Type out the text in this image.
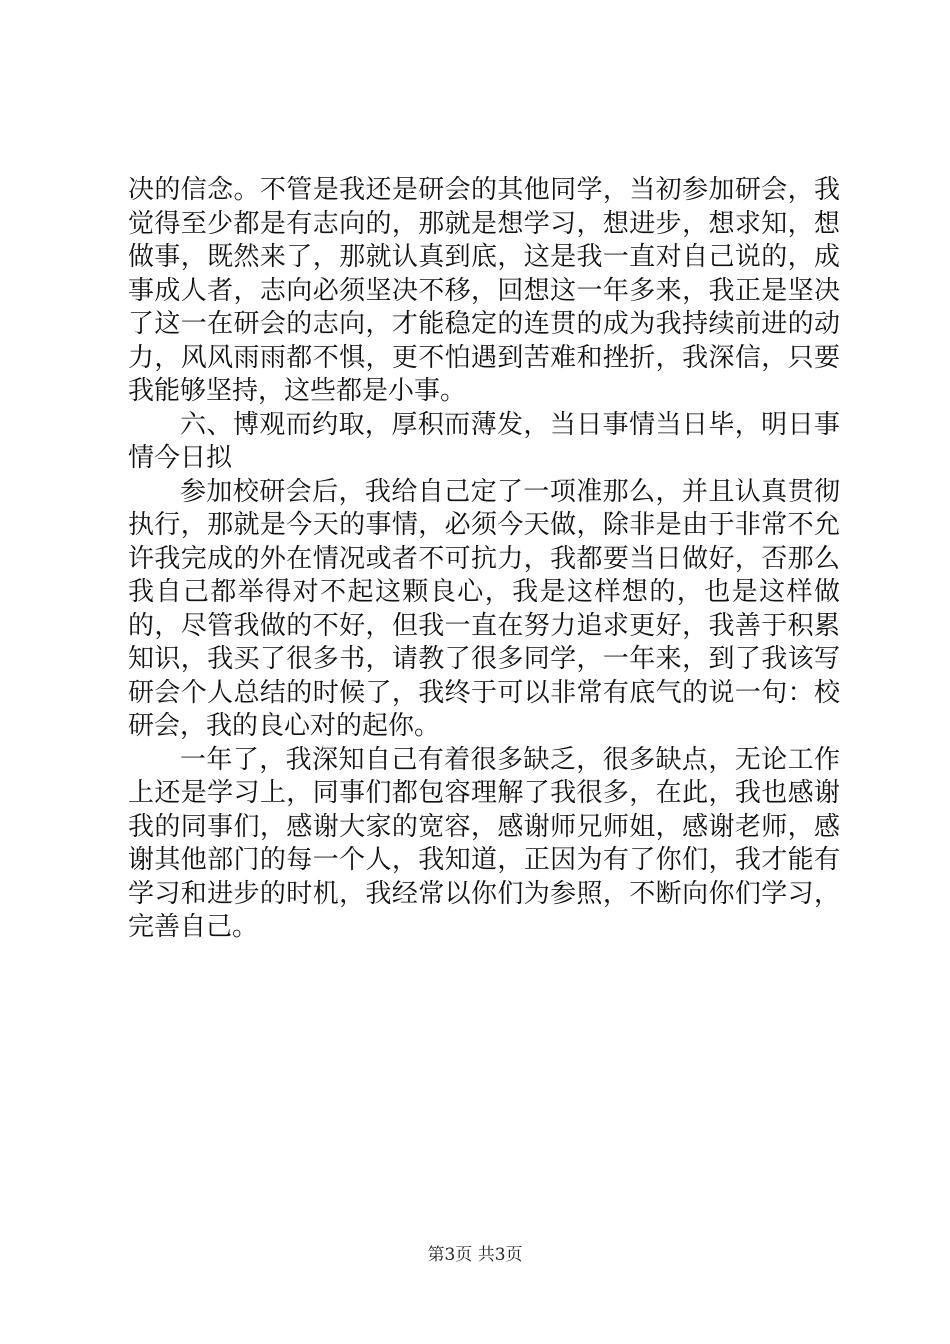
决的信念。不管是我还是研会的其他同学，当初参加研会，我觉得至少都是有志向的，那就是想学习，想进步，想求知，想做事，既然来了，那就认真到底，这是我一直对自己说的，成事成人者，志向必须坚决不移，回想这一年多来，我正是坚决了这一在研会的志向，才能稳定的连贯的成为我持续前进的动力，风风雨雨都不惧，更不怕遇到苦难和挫折，我深信，只要我能够坚持，这些都是小事。

六、博观而约取，厚积而薄发，当日事情当日毕，明日事情今日拟

参加校研会后，我给自己定了一项准那么，并且认真贯彻执行，那就是今天的事情，必须今天做，除非是由于非常不允许我完成的外在情况或者不可抗力，我都要当日做好，否那么我自己都举得对不起这颗良心，我是这样想的，也是这样做的，尽管我做的不好，但我一直在努力追求更好，我善于积累知识，我买了很多书，请教了很多同学，一年来，到了我该写研会个人总结的时候了，我终于可以非常有底气的说一句：校研会，我的良心对的起你。

一年了，我深知自己有着很多缺乏，很多缺点，无论工作上还是学习上，同事们都包容理解了我很多，在此，我也感谢我的同事们，感谢大家的宽容，感谢师兄师姐，感谢老师，感谢其他部门的每一个人，我知道，正因为有了你们，我才能有学习和进步的时机，我经常以你们为参照，不断向你们学习，完善自己。

第3页 共3页
